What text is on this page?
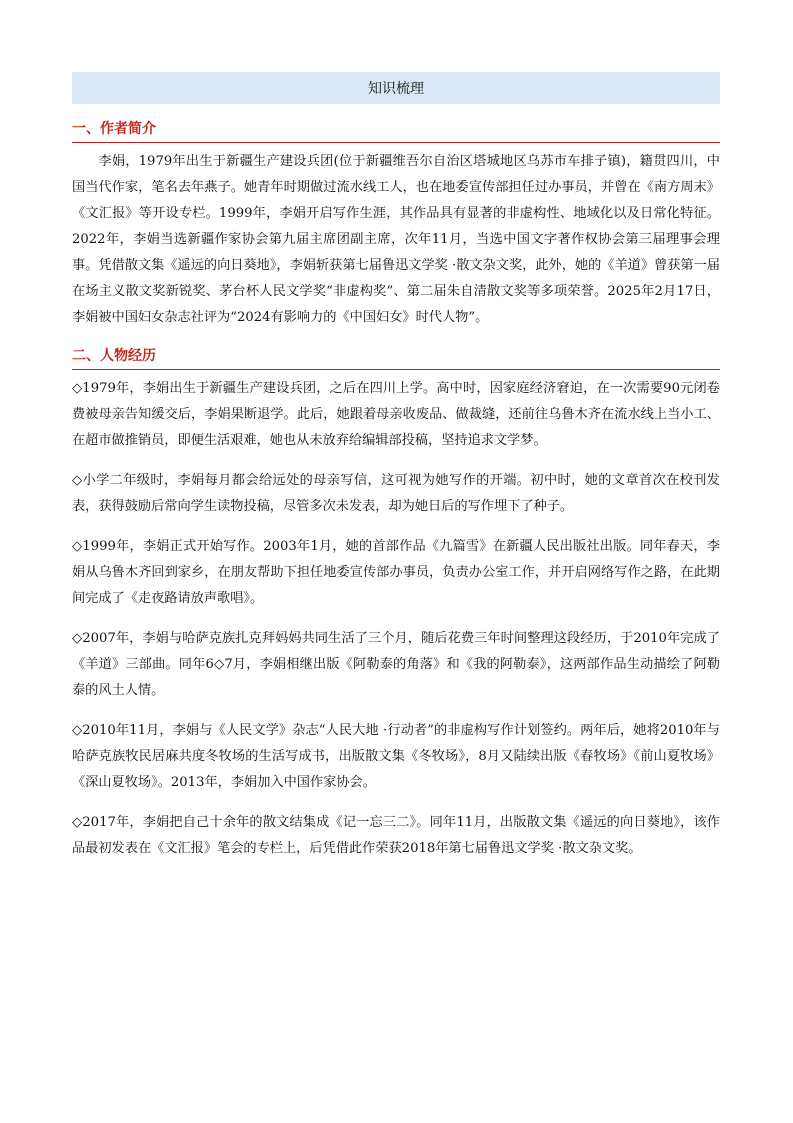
知识梳理
一、作者简介

李娟，1979年出生于新疆生产建设兵团(位于新疆维吾尔自治区塔城地区乌苏市车排子镇)，籍贯四川，中国当代作家，笔名去年燕子。她青年时期做过流水线工人，也在地委宣传部担任过办事员，并曾在《南方周末》《文汇报》等开设专栏。1999年，李娟开启写作生涯，其作品具有显著的非虚构性、地域化以及日常化特征。2022年，李娟当选新疆作家协会第九届主席团副主席，次年11月，当选中国文字著作权协会第三届理事会理事。凭借散文集《遥远的向日葵地》，李娟斩获第七届鲁迅文学奖 ·散文杂文奖，此外，她的《羊道》曾获第一届在场主义散文奖新锐奖、茅台杯人民文学奖“非虚构奖”、第二届朱自清散文奖等多项荣誉。2025年2月17日，李娟被中国妇女杂志社评为“2024有影响力的《中国妇女》时代人物”。

二、人物经历

◇1979年，李娟出生于新疆生产建设兵团，之后在四川上学。高中时，因家庭经济窘迫，在一次需要90元闭卷费被母亲告知缓交后，李娟果断退学。此后，她跟着母亲收废品、做裁缝，还前往乌鲁木齐在流水线上当小工、在超市做推销员，即便生活艰难，她也从未放弃给编辑部投稿，坚持追求文学梦。

◇小学二年级时，李娟每月都会给远处的母亲写信，这可视为她写作的开端。初中时，她的文章首次在校刊发表，获得鼓励后常向学生读物投稿，尽管多次未发表，却为她日后的写作埋下了种子。

◇1999年，李娟正式开始写作。2003年1月，她的首部作品《九篇雪》在新疆人民出版社出版。同年春天，李娟从乌鲁木齐回到家乡，在朋友帮助下担任地委宣传部办事员，负责办公室工作，并开启网络写作之路，在此期间完成了《走夜路请放声歌唱》。

◇2007年，李娟与哈萨克族扎克拜妈妈共同生活了三个月，随后花费三年时间整理这段经历，于2010年完成了《羊道》三部曲。同年6◇7月，李娟相继出版《阿勒泰的角落》和《我的阿勒泰》，这两部作品生动描绘了阿勒泰的风土人情。

◇2010年11月，李娟与《人民文学》杂志“人民大地 ·行动者”的非虚构写作计划签约。两年后，她将2010年与哈萨克族牧民居麻共度冬牧场的生活写成书，出版散文集《冬牧场》，8月又陆续出版《春牧场》《前山夏牧场》《深山夏牧场》。2013年，李娟加入中国作家协会。

◇2017年，李娟把自己十余年的散文结集成《记一忘三二》。同年11月，出版散文集《遥远的向日葵地》，该作品最初发表在《文汇报》笔会的专栏上，后凭借此作荣获2018年第七届鲁迅文学奖 ·散文杂文奖。
